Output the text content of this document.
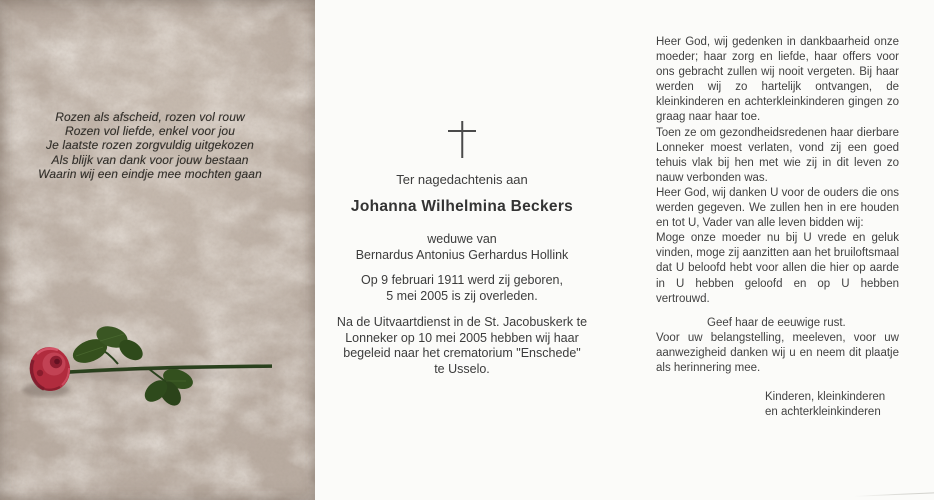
Rozen als afscheid, rozen vol rouw
Rozen vol liefde, enkel voor jou
Je laatste rozen zorgvuldig uitgekozen
Als blijk van dank voor jouw bestaan
Waarin wij een eindje mee mochten gaan	Ter nagedachtenis aan
Johanna Wilhelmina Beckers
weduwe van
Bernardus Antonius Gerhardus Hollink
Op 9 februari 1911 werd zij geboren,
5 mei 2005 is zij overleden.
Na de Uitvaartdienst in de St. Jacobuskerk te
Lonneker op 10 mei 2005 hebben wij haar
begeleid naar het crematorium "Enschede"
te Usselo.

Heer God, wij gedenken in dankbaarheid onze moeder; haar zorg en liefde, haar offers voor ons gebracht zullen wij nooit vergeten. Bij haar werden wij zo hartelijk ontvangen, de kleinkinderen en achterkleinkinderen gingen zo graag naar haar toe.

Toen ze om gezondheidsredenen haar dierbare Lonneker moest verlaten, vond zij een goed tehuis vlak bij hen met wie zij in dit leven zo nauw verbonden was.

Heer God, wij danken U voor de ouders die ons werden gegeven. We zullen hen in ere houden en tot U, Vader van alle leven bidden wij:

Moge onze moeder nu bij U vrede en geluk vinden, moge zij aanzitten aan het bruiloftsmaal dat U beloofd hebt voor allen die hier op aarde in U hebben geloofd en op U hebben vertrouwd.

Geef haar de eeuwige rust.

Voor uw belangstelling, meeleven, voor uw aanwezigheid danken wij u en neem dit plaatje als herinnering mee.

Kinderen, kleinkinderen
en achterkleinkinderen
